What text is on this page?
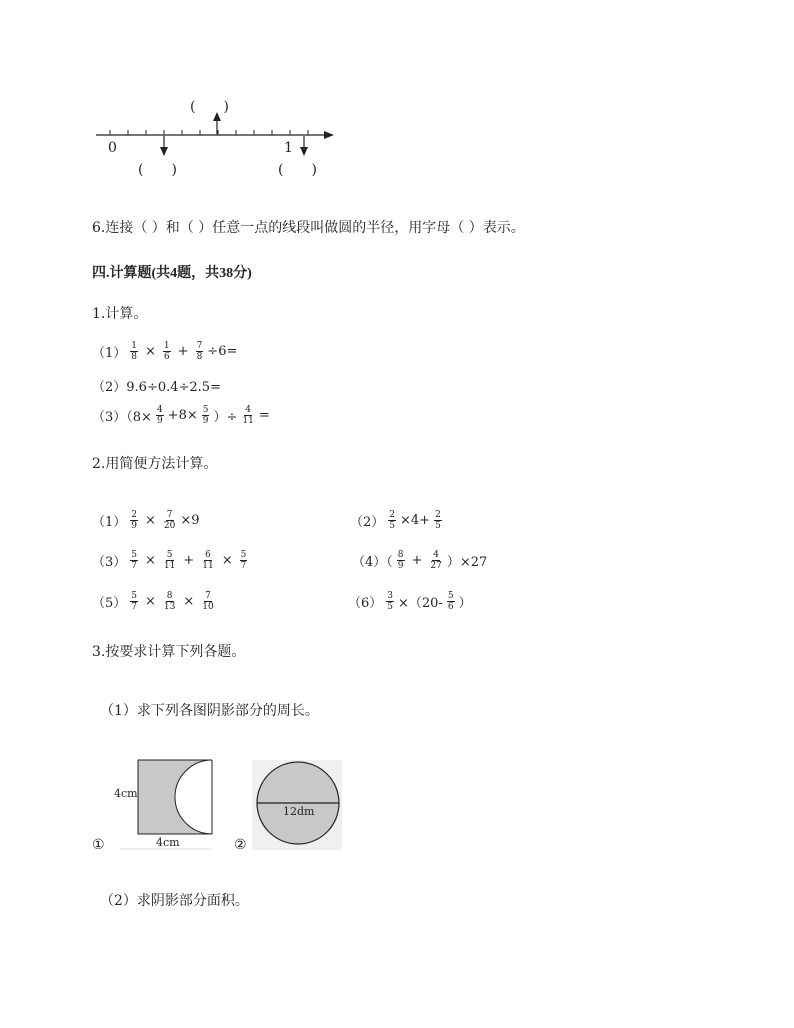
0	1
(　　)
(　　)	(　　)
6.连接（ ）和（ ）任意一点的线段叫做圆的半径，用字母（ ）表示。
四.计算题(共4题，共38分)
1.计算。
$(1) \frac{1}{8} \times \frac{1}{6} + \frac{7}{8} \div 6=$
（2）9.6÷0.4÷2.5=
$(3)(8\times \frac{4}{9} +8\times \frac{5}{9}$ ）÷ $\frac{4}{11}$ =
2.用简便方法计算。
$(1) \frac{2}{9} \times \frac{7}{20} \times 9$	$(2) \frac{2}{5} \times 4+ \frac{2}{5}$
$(3) \frac{5}{7} \times \frac{5}{11} + \frac{6}{11} \times \frac{5}{7}$	$(4)( \frac{8}{9} + \frac{4}{27} )\times 27$
$(5) \frac{5}{7} \times \frac{8}{13} \times \frac{7}{10}$	$(6) \frac{3}{5} \times(20- \frac{5}{6}$ ）
3.按要求计算下列各题。
（1）求下列各图阴影部分的周长。
4cm
4cm
①
12dm
②
（2）求阴影部分面积。
